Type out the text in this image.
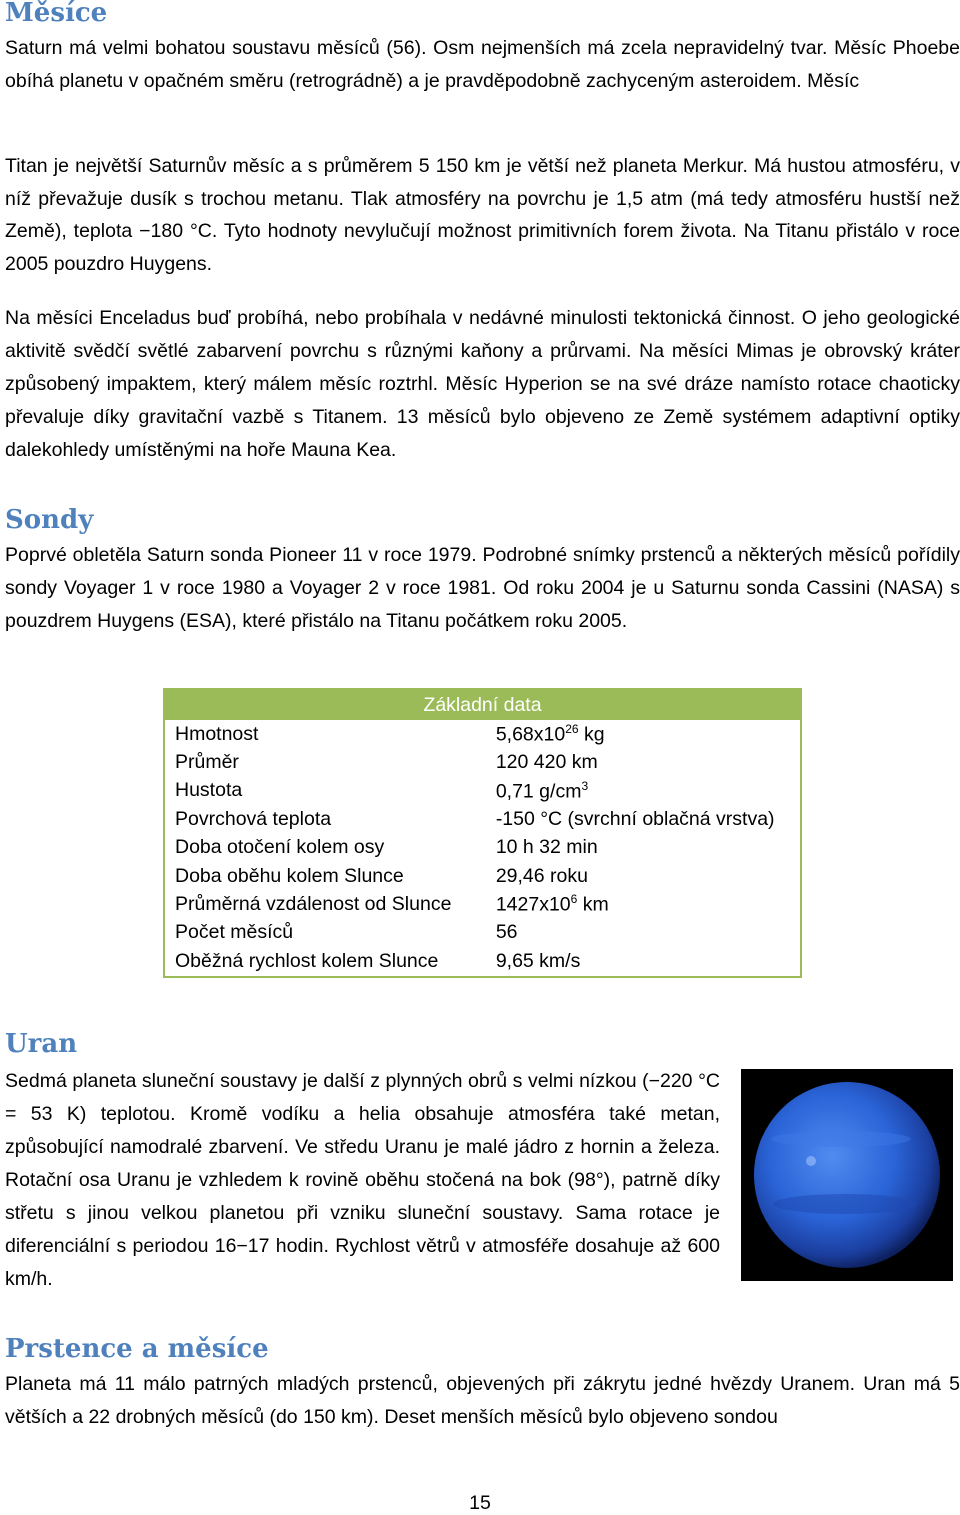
Měsíce

Saturn má velmi bohatou soustavu měsíců (56). Osm nejmenších má zcela nepravidelný tvar. Měsíc Phoebe obíhá planetu v opačném směru (retrográdně) a je pravděpodobně zachyceným asteroidem. Měsíc

Titan je největší Saturnův měsíc a s průměrem 5 150 km je větší než planeta Merkur. Má hustou atmosféru, v níž převažuje dusík s trochou metanu. Tlak atmosféry na povrchu je 1,5 atm (má tedy atmosféru hustší než Země), teplota −180 °C. Tyto hodnoty nevylučují možnost primitivních forem života. Na Titanu přistálo v roce 2005 pouzdro Huygens.

Na měsíci Enceladus buď probíhá, nebo probíhala v nedávné minulosti tektonická činnost. O jeho geologické aktivitě svědčí světlé zabarvení povrchu s různými kaňony a průrvami. Na měsíci Mimas je obrovský kráter způsobený impaktem, který málem měsíc roztrhl. Měsíc Hyperion se na své dráze namísto rotace chaoticky převaluje díky gravitační vazbě s Titanem. 13 měsíců bylo objeveno ze Země systémem adaptivní optiky dalekohledy umístěnými na hoře Mauna Kea.

Sondy

Poprvé obletěla Saturn sonda Pioneer 11 v roce 1979. Podrobné snímky prstenců a některých měsíců pořídily sondy Voyager 1 v roce 1980 a Voyager 2 v roce 1981. Od roku 2004 je u Saturnu sonda Cassini (NASA) s pouzdrem Huygens (ESA), které přistálo na Titanu počátkem roku 2005.

Základní data	
Hmotnost	$5,68x10^{26}$ kg
Průměr	120 420 km
Hustota	0,71 $g/cm^3$
Povrchová teplota	-150 °C (svrchní oblačná vrstva)
Doba otočení kolem osy	10 h 32 min
Doba oběhu kolem Slunce	29,46 roku
Průměrná vzdálenost od Slunce	$1427x10^6$ km
Počet měsíců	56
Oběžná rychlost kolem Slunce	9,65 km/s
Uran

Sedmá planeta sluneční soustavy je další z plynných obrů s velmi nízkou (−220 °C = 53 K) teplotou. Kromě vodíku a helia obsahuje atmosféra také metan, způsobující namodralé zbarvení. Ve středu Uranu je malé jádro z hornin a železa. Rotační osa Uranu je vzhledem k rovině oběhu stočená na bok (98°), patrně díky střetu s jinou velkou planetou při vzniku sluneční soustavy. Sama rotace je diferenciální s periodou 16−17 hodin. Rychlost větrů v atmosféře dosahuje až 600 km/h.

Prstence a měsíce

Planeta má 11 málo patrných mladých prstenců, objevených při zákrytu jedné hvězdy Uranem. Uran má 5 větších a 22 drobných měsíců (do 150 km). Deset menších měsíců bylo objeveno sondou

15
